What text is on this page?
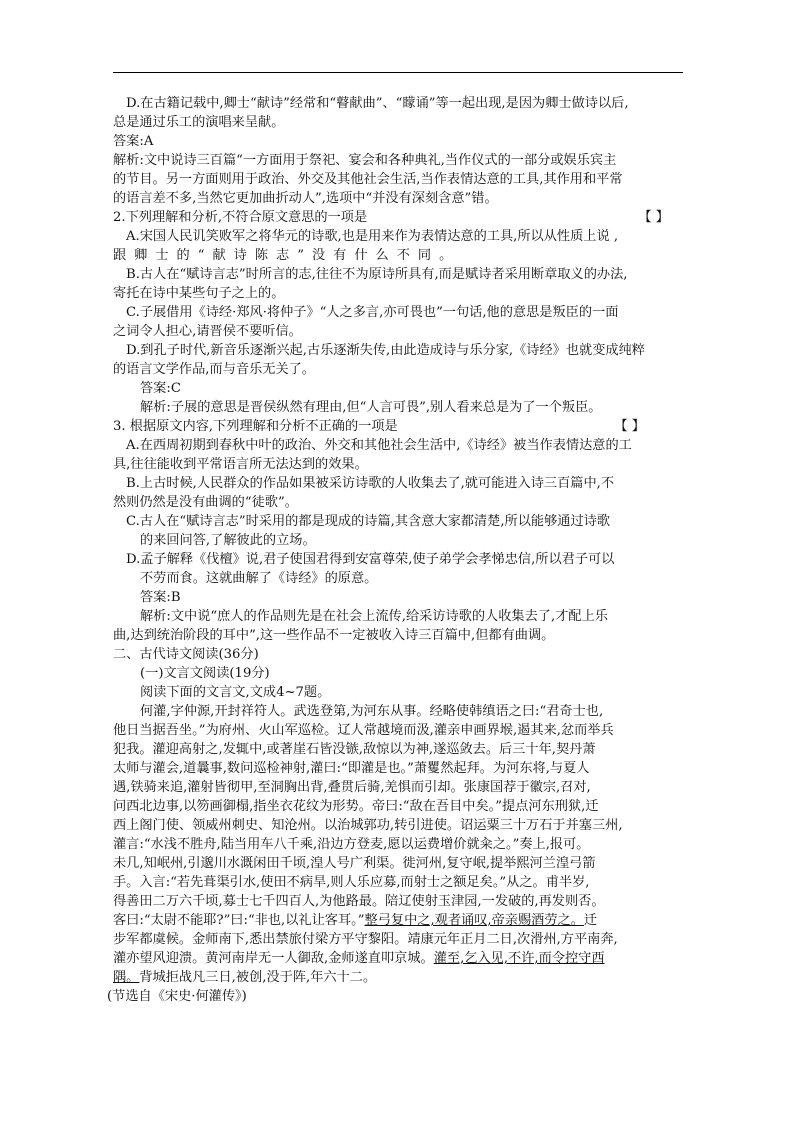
D.在古籍记载中,卿士“献诗”经常和“瞽献曲”、“矇诵”等一起出现,是因为卿士做诗以后,
总是通过乐工的演唱来呈献。
答案:A
解析:文中说诗三百篇“一方面用于祭祀、宴会和各种典礼,当作仪式的一部分或娱乐宾主
的节目。另一方面则用于政治、外交及其他社会生活,当作表情达意的工具,其作用和平常
的语言差不多,当然它更加曲折动人”,选项中“并没有深刻含意”错。
2.下列理解和分析,不符合原文意思的一项是	【 】
A.宋国人民讥笑败军之将华元的诗歌,也是用来作为表情达意的工具,所以从性质上说 ,
跟卿士的“献诗陈志”没有什么不同。
B.古人在“赋诗言志”时所言的志,往往不为原诗所具有,而是赋诗者采用断章取义的办法,
寄托在诗中某些句子之上的。
C.子展借用《诗经·郑风·将仲子》“人之多言,亦可畏也”一句话,他的意思是叛臣的一面
之词令人担心,请晋侯不要听信。
D.到孔子时代,新音乐逐渐兴起,古乐逐渐失传,由此造成诗与乐分家,《诗经》也就变成纯粹
的语言文学作品,而与音乐无关了。
答案:C
解析:子展的意思是晋侯纵然有理由,但“人言可畏”,别人看来总是为了一个叛臣。
3. 根据原文内容,下列理解和分析不正确的一项是	【 】
A.在西周初期到春秋中叶的政治、外交和其他社会生活中,《诗经》被当作表情达意的工
具,往往能收到平常语言所无法达到的效果。
B.上古时候,人民群众的作品如果被采访诗歌的人收集去了,就可能进入诗三百篇中,不
然则仍然是没有曲调的“徒歌”。
C.古人在“赋诗言志”时采用的都是现成的诗篇,其含意大家都清楚,所以能够通过诗歌
的来回问答,了解彼此的立场。
D.孟子解释《伐檀》说,君子使国君得到安富尊荣,使子弟学会孝悌忠信,所以君子可以
不劳而食。这就曲解了《诗经》的原意。
答案:B
解析:文中说“庶人的作品则先是在社会上流传,给采访诗歌的人收集去了,才配上乐
曲,达到统治阶段的耳中”,这一些作品不一定被收入诗三百篇中,但都有曲调。
二、古代诗文阅读(36分)
(一)文言文阅读(19分)
阅读下面的文言文,文成4~7题。
何灌,字仲源,开封祥符人。武选登第,为河东从事。经略使韩缜语之曰:“君奇士也,
他日当据吾坐。”为府州、火山军巡检。辽人常越境而汲,灌亲申画界堠,遏其来,忿而举兵
犯我。灌迎高射之,发辄中,或著崖石皆没镞,敌惊以为神,遂巡敛去。后三十年,契丹萧
太师与灌会,道曩事,数问巡检神射,灌曰:“即灌是也。”萧矍然起拜。为河东将,与夏人
遇,铁骑来追,灌射皆彻甲,至洞胸出背,叠贯后骑,羌惧而引却。张康国荐于徽宗,召对,
问西北边事,以笏画御榻,指坐衣花纹为形势。帝曰:“敌在吾目中矣。”提点河东刑狱,迁
西上阁门使、领威州刺史、知沧州。以治城郭功,转引进使。诏运粟三十万石于并塞三州,
灌言:“水浅不胜舟,陆当用车八千乘,沿边方登麦,愿以运费增价就籴之。”奏上,报可。
未几,知岷州,引邈川水溉闲田千顷,湟人号广利渠。徙河州,复守岷,提举熙河兰湟弓箭
手。入言:“若先葺渠引水,使田不病旱,则人乐应募,而射士之额足矣。”从之。甫半岁,
得善田二万六千顷,募士七千四百人,为他路最。陪辽使射玉津园,一发破的,再发则否。
客曰:“太尉不能耶?”曰:“非也,以礼让客耳。”整弓复中之,观者诵叹,帝亲赐酒劳之。迁
步军都虞候。金师南下,悉出禁旅付梁方平守黎阳。靖康元年正月二日,次滑州,方平南奔,
灌亦望风迎溃。黄河南岸无一人御敌,金师遂直叩京城。灌至,乞入见,不许,而令控守西
隅。背城拒战凡三日,被创,没于阵,年六十二。
(节选自《宋史·何灌传》)
